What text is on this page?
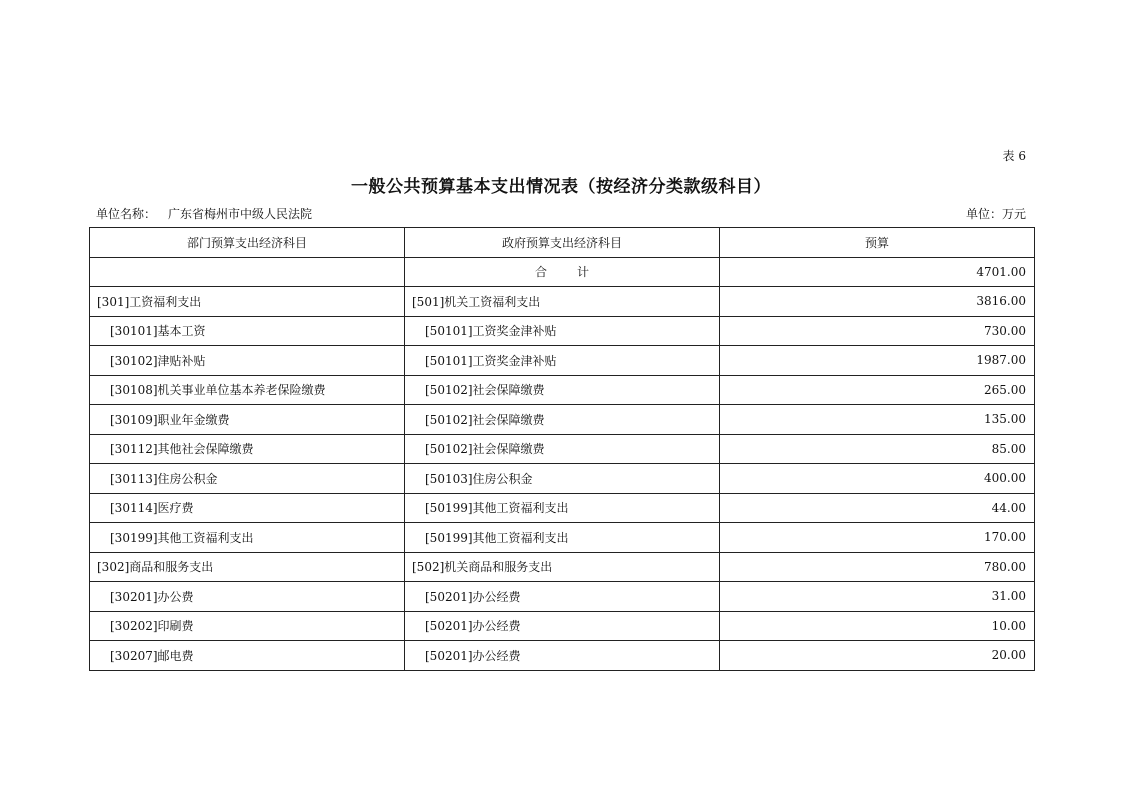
表 6
一般公共预算基本支出情况表（按经济分类款级科目）
单位名称： 广东省梅州市中级人民法院	单位：万元
部门预算支出经济科目	政府预算支出经济科目	预算
	合计	4701.00
[301]工资福利支出	[501]机关工资福利支出	3816.00
[30101]基本工资	[50101]工资奖金津补贴	730.00
[30102]津贴补贴	[50101]工资奖金津补贴	1987.00
[30108]机关事业单位基本养老保险缴费	[50102]社会保障缴费	265.00
[30109]职业年金缴费	[50102]社会保障缴费	135.00
[30112]其他社会保障缴费	[50102]社会保障缴费	85.00
[30113]住房公积金	[50103]住房公积金	400.00
[30114]医疗费	[50199]其他工资福利支出	44.00
[30199]其他工资福利支出	[50199]其他工资福利支出	170.00
[302]商品和服务支出	[502]机关商品和服务支出	780.00
[30201]办公费	[50201]办公经费	31.00
[30202]印刷费	[50201]办公经费	10.00
[30207]邮电费	[50201]办公经费	20.00
